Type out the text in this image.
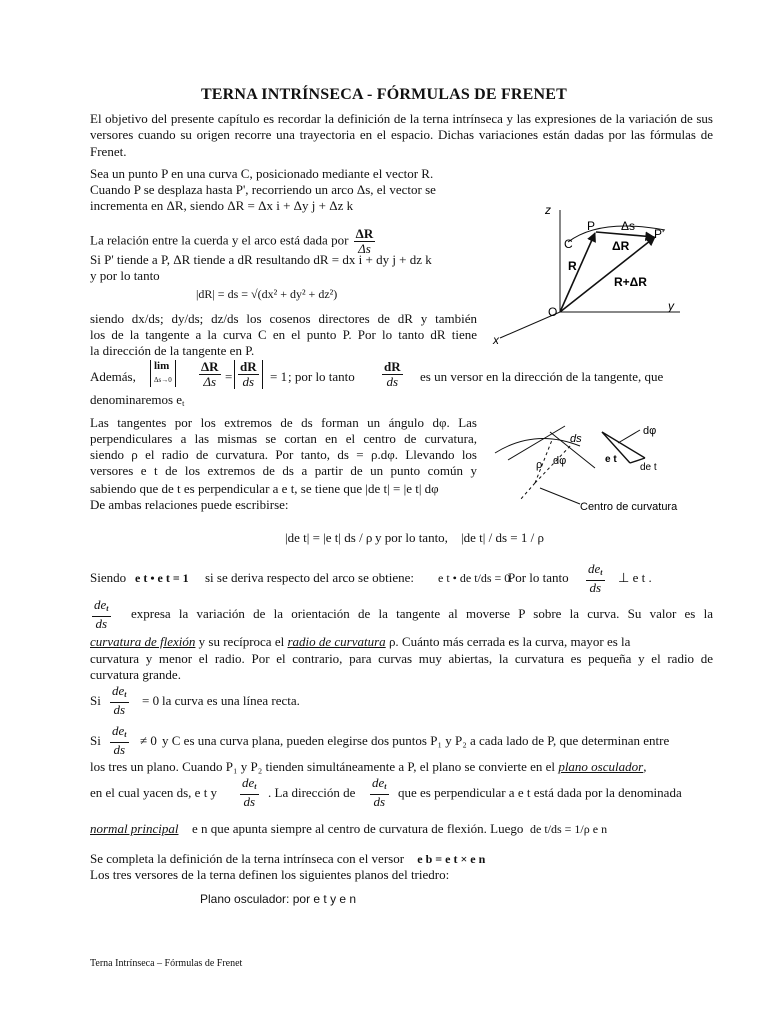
TERNA INTRÍNSECA - FÓRMULAS DE FRENET
El objetivo del presente capítulo es recordar la definición de la terna intrínseca y las expresiones de la variación de sus versores cuando su origen recorre una trayectoria en el espacio. Dichas variaciones están dadas por las fórmulas de Frenet.
Sea un punto P en una curva C, posicionado mediante el vector R.
Cuando P se desplaza hasta P', recorriendo un arco Δs, el vector se
incrementa en ΔR, siendo ΔR = Δx i + Δy j + Δz k
La relación entre la cuerda y el arco está dada por $\frac{\Delta R}{\Delta s}$
Si P' tiende a P, ΔR tiende a dR resultando dR = dx i + dy j + dz k
y por lo tanto
|dR| = ds = √(dx² + dy² + dz²)
siendo dx/ds; dy/ds; dz/ds los cosenos directores de dR y también
los de la tangente a la curva C en el punto P. Por lo tanto dR tiene
la dirección de la tangente en P.
Además,
lim
Δs→0	$\frac{\Delta R}{\Delta s} = \frac{dR}{ds} = 1$ ; por lo tanto $\frac{dR}{ds}$ es un versor en la dirección de la tangente, que
denominaremos $e_t$
z
y
x
O
C
P
P'
Δs
ΔR
R
R+ΔR
Las tangentes por los extremos de ds forman un ángulo dφ. Las
perpendiculares a las mismas se cortan en el centro de curvatura,
siendo ρ el radio de curvatura. Por tanto, ds = ρ.dφ. Llevando los
versores e t de los extremos de ds a partir de un punto común y
sabiendo que de t es perpendicular a e t, se tiene que |de t| = |e t| dφ
De ambas relaciones puede escribirse:
|de t| = |e t| ds / ρ y por lo tanto, |de t| / ds = 1 / ρ
ds
dφ
ρ	e t
de t
dφ
Centro de curvatura
Siendo e t • e t = 1 si se deriva respecto del arco se obtiene: e t • de t/ds = 0
Por lo tanto
$de_t$
ds
⊥ e t .
$de_t$
ds
expresa la variación de la orientación de la tangente al moverse P sobre la curva. Su valor es la
curvatura de flexión y su recíproca el radio de curvatura ρ. Cuánto más cerrada es la curva, mayor es la
curvatura y menor el radio. Por el contrario, para curvas muy abiertas, la curvatura es pequeña y el radio de
curvatura grande.
Si
$de_t$
ds
= 0 la curva es una línea recta.
Si
$de_t$
ds
≠ 0 y C es una curva plana, pueden elegirse dos puntos P₁ y P₂ a cada lado de P, que determinan entre
los tres un plano. Cuando P₁ y P₂ tienden simultáneamente a P, el plano se convierte en el plano osculador,
en el cual yacen ds, e t y
$de_t$
ds
. La dirección de
$de_t$
ds
que es perpendicular a e t está dada por la denominada
normal principal e n que apunta siempre al centro de curvatura de flexión. Luego de t/ds = 1/ρ e n
Se completa la definición de la terna intrínseca con el versor e b = e t × e n
Los tres versores de la terna definen los siguientes planos del triedro:
Plano osculador: por e t y e n
Terna Intrínseca – Fórmulas de Frenet
